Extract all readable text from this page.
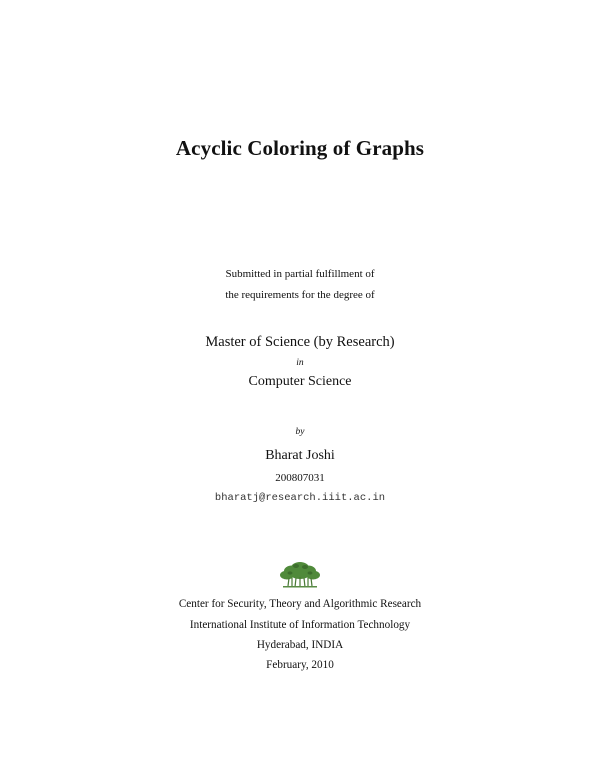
Acyclic Coloring of Graphs
Submitted in partial fulfillment of
the requirements for the degree of
Master of Science (by Research)
in
Computer Science
by
Bharat Joshi
200807031
bharatj@research.iiit.ac.in
Center for Security, Theory and Algorithmic Research
International Institute of Information Technology
Hyderabad, INDIA
February, 2010
